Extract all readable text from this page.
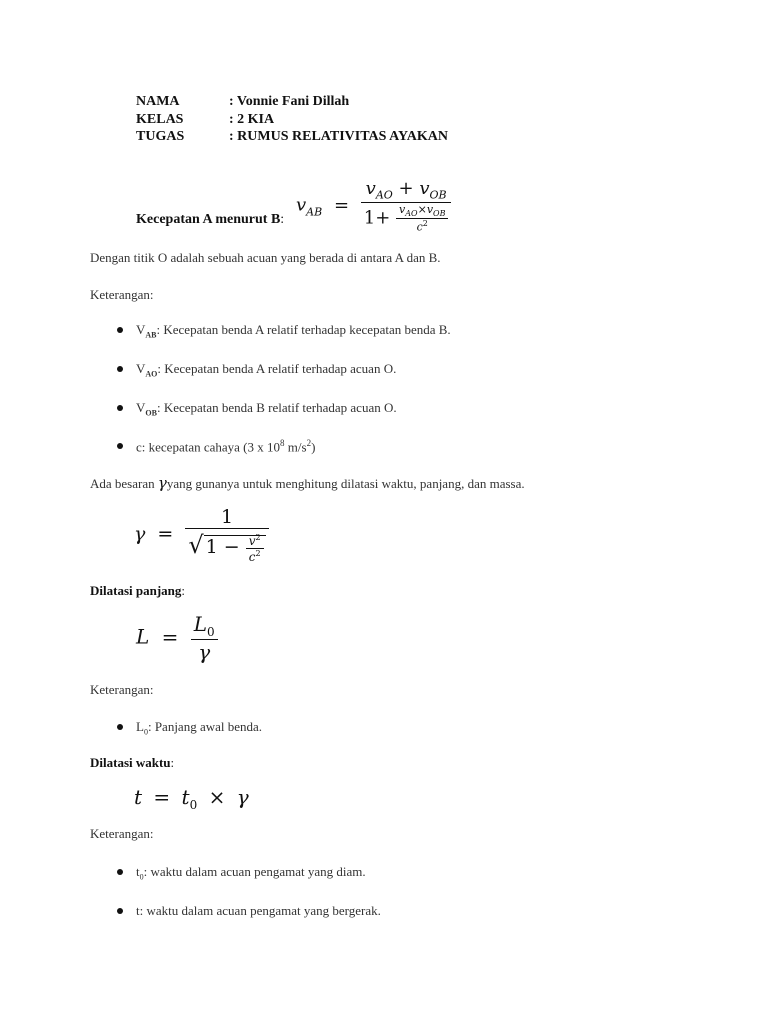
NAMA	: Vonnie Fani Dillah
KELAS	: 2 KIA
TUGAS	: RUMUS RELATIVITAS AYAKAN
Kecepatan A menurut B:
$v_{AB} = \frac{v_{AO} + v_{OB}}{1+ \frac{v_{AO}\times v_{OB}}{c^2}}$
Dengan titik O adalah sebuah acuan yang berada di antara A dan B.
Keterangan:
$V_{AB}$: Kecepatan benda A relatif terhadap kecepatan benda B.
$V_{AO}$: Kecepatan benda A relatif terhadap acuan O.
$V_{OB}$: Kecepatan benda B relatif terhadap acuan O.
c: kecepatan cahaya (3 x $10^8$ $m/s^2$)
Ada besaran γyang gunanya untuk menghitung dilatasi waktu, panjang, dan massa.
$\gamma = \frac{1}{√ 1 - \frac{v^2}{c^2}}$
Dilatasi panjang:
$L = \frac{L_0}{\gamma}$
Keterangan:
$L_0$: Panjang awal benda.
Dilatasi waktu:
$t = t_0 \times \gamma$
Keterangan:
$t_0$: waktu dalam acuan pengamat yang diam.
t: waktu dalam acuan pengamat yang bergerak.
